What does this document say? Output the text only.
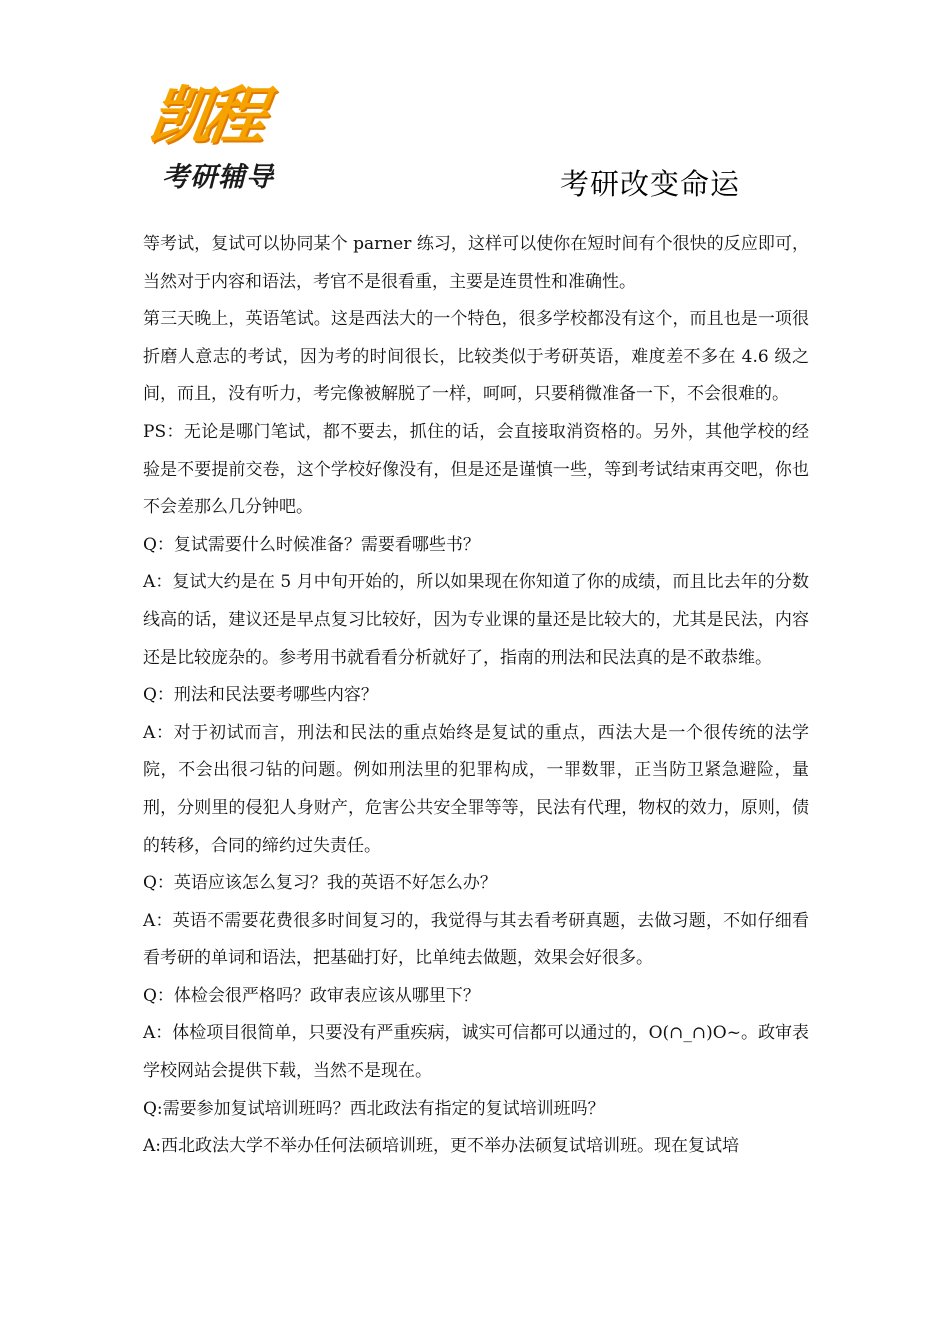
凯程
考研辅导	考研改变命运

等考试，复试可以协同某个 parner 练习，这样可以使你在短时间有个很快的反应即可，当然对于内容和语法，考官不是很看重，主要是连贯性和准确性。

第三天晚上，英语笔试。这是西法大的一个特色，很多学校都没有这个，而且也是一项很折磨人意志的考试，因为考的时间很长，比较类似于考研英语，难度差不多在 4.6 级之间，而且，没有听力，考完像被解脱了一样，呵呵，只要稍微准备一下，不会很难的。

PS：无论是哪门笔试，都不要去，抓住的话，会直接取消资格的。另外，其他学校的经验是不要提前交卷，这个学校好像没有，但是还是谨慎一些，等到考试结束再交吧，你也不会差那么几分钟吧。

Q：复试需要什么时候准备？需要看哪些书？

A：复试大约是在 5 月中旬开始的，所以如果现在你知道了你的成绩，而且比去年的分数线高的话，建议还是早点复习比较好，因为专业课的量还是比较大的，尤其是民法，内容还是比较庞杂的。参考用书就看看分析就好了，指南的刑法和民法真的是不敢恭维。

Q：刑法和民法要考哪些内容？

A：对于初试而言，刑法和民法的重点始终是复试的重点，西法大是一个很传统的法学院，不会出很刁钻的问题。例如刑法里的犯罪构成，一罪数罪，正当防卫紧急避险，量刑，分则里的侵犯人身财产，危害公共安全罪等等，民法有代理，物权的效力，原则，债的转移，合同的缔约过失责任。

Q：英语应该怎么复习？我的英语不好怎么办？

A：英语不需要花费很多时间复习的，我觉得与其去看考研真题，去做习题，不如仔细看看考研的单词和语法，把基础打好，比单纯去做题，效果会好很多。

Q：体检会很严格吗？政审表应该从哪里下？

A：体检项目很简单，只要没有严重疾病，诚实可信都可以通过的，O(∩_∩)O~。政审表学校网站会提供下载，当然不是现在。

Q:需要参加复试培训班吗？西北政法有指定的复试培训班吗？

A:西北政法大学不举办任何法硕培训班，更不举办法硕复试培训班。现在复试培
